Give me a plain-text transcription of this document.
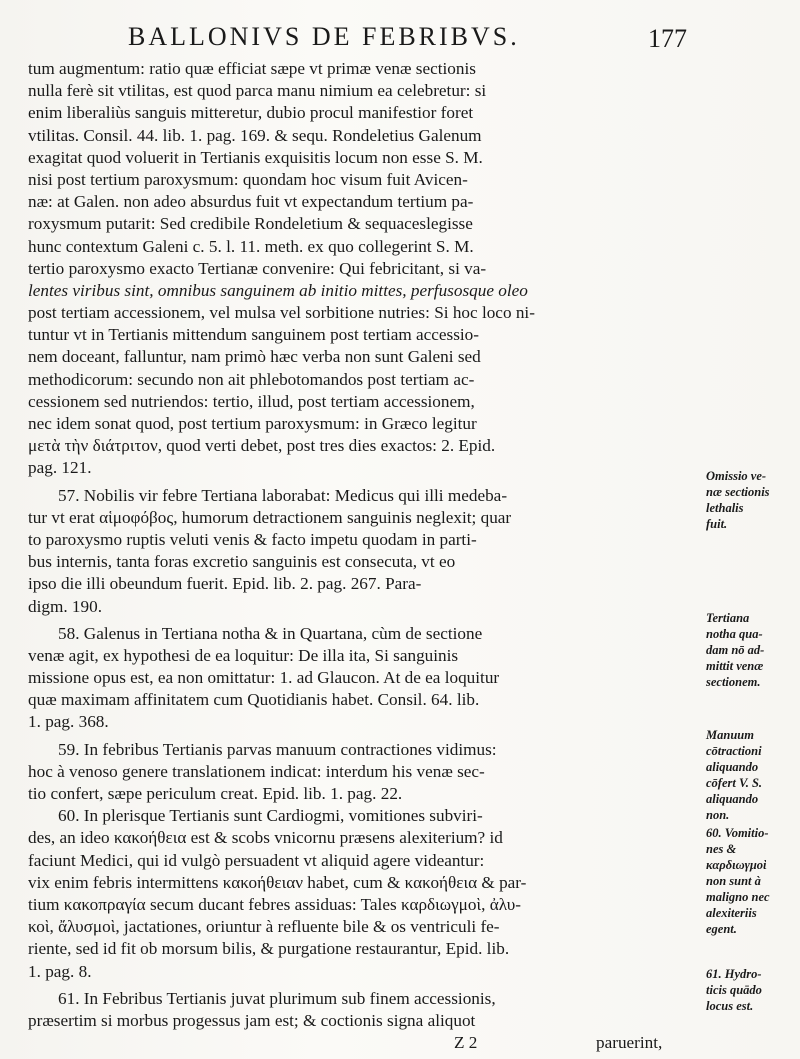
BALLONIVS DE FEBRIBVS.	177
tum augmentum: ratio quæ efficiat sæpe vt primæ venæ sectionis
nulla ferè sit vtilitas, est quod parca manu nimium ea celebretur: si
enim liberaliùs sanguis mitteretur, dubio procul manifestior foret
vtilitas. Consil. 44. lib. 1. pag. 169. & sequ. Rondeletius Galenum
exagitat quod voluerit in Tertianis exquisitis locum non esse S. M.
nisi post tertium paroxysmum: quondam hoc visum fuit Avicen-
næ: at Galen. non adeo absurdus fuit vt expectandum tertium pa-
roxysmum putarit: Sed credibile Rondeletium & sequaceslegisse
hunc contextum Galeni c. 5. l. 11. meth. ex quo collegerint S. M.
tertio paroxysmo exacto Tertianæ convenire: Qui febricitant, si va-
lentes viribus sint, omnibus sanguinem ab initio mittes, perfusosque oleo
post tertiam accessionem, vel mulsa vel sorbitione nutries: Si hoc loco ni-
tuntur vt in Tertianis mittendum sanguinem post tertiam accessio-
nem doceant, falluntur, nam primò hæc verba non sunt Galeni sed
methodicorum: secundo non ait phlebotomandos post tertiam ac-
cessionem sed nutriendos: tertio, illud, post tertiam accessionem,
nec idem sonat quod, post tertium paroxysmum: in Græco legitur
μετὰ τὴν διάτριτον, quod verti debet, post tres dies exactos: 2. Epid.
pag. 121.
57. Nobilis vir febre Tertiana laborabat: Medicus qui illi medeba-
tur vt erat αἱμοφόβος, humorum detractionem sanguinis neglexit; quar
to paroxysmo ruptis veluti venis & facto impetu quodam in parti-
bus internis, tanta foras excretio sanguinis est consecuta, vt eo
ipso die illi obeundum fuerit. Epid. lib. 2. pag. 267. Para-
digm. 190.
58. Galenus in Tertiana notha & in Quartana, cùm de sectione
venæ agit, ex hypothesi de ea loquitur: De illa ita, Si sanguinis
missione opus est, ea non omittatur: 1. ad Glaucon. At de ea loquitur
quæ maximam affinitatem cum Quotidianis habet. Consil. 64. lib.
1. pag. 368.
59. In febribus Tertianis parvas manuum contractiones vidimus:
hoc à venoso genere translationem indicat: interdum his venæ sec-
tio confert, sæpe periculum creat. Epid. lib. 1. pag. 22.
60. In plerisque Tertianis sunt Cardiogmi, vomitiones subviri-
des, an ideo κακοήθεια est & scobs vnicornu præsens alexiterium? id
faciunt Medici, qui id vulgò persuadent vt aliquid agere videantur:
vix enim febris intermittens κακοήθειαν habet, cum & κακοήθεια & par-
tium κακοπραγία secum ducant febres assiduas: Tales καρδιωγμοὶ, ἀλυ-
κοὶ, ἄλυσμοὶ, jactationes, oriuntur à refluente bile & os ventriculi fe-
riente, sed id fit ob morsum bilis, & purgatione restaurantur, Epid. lib.
1. pag. 8.
61. In Febribus Tertianis juvat plurimum sub finem accessionis,
præsertim si morbus progessus jam est; & coctionis signa aliquot
Z 2	paruerint,
Omissio ve-
næ sectionis
lethalis
fuit.
Tertiana
notha qua-
dam nō ad-
mittit venæ
sectionem.
Manuum
cōtractioni
aliquando
cōfert V. S.
aliquando
non.
60. Vomitio-
nes &
καρδιωγμοὶ
non sunt à
maligno nec
alexiteriis
egent.
61. Hydro-
ticis quādo
locus est.
